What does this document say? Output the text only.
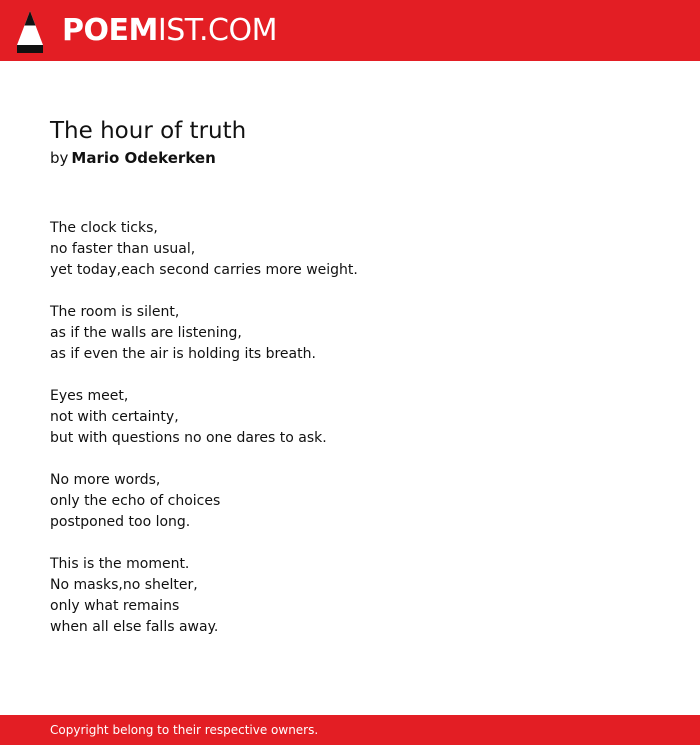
POEMIST.COM
The hour of truth

by Mario Odekerken

The clock ticks,
no faster than usual,
yet today,each second carries more weight.
The room is silent,
as if the walls are listening,
as if even the air is holding its breath.
Eyes meet,
not with certainty,
but with questions no one dares to ask.
No more words,
only the echo of choices
postponed too long.
This is the moment.
No masks,no shelter,
only what remains
when all else falls away.
Copyright belong to their respective owners.
